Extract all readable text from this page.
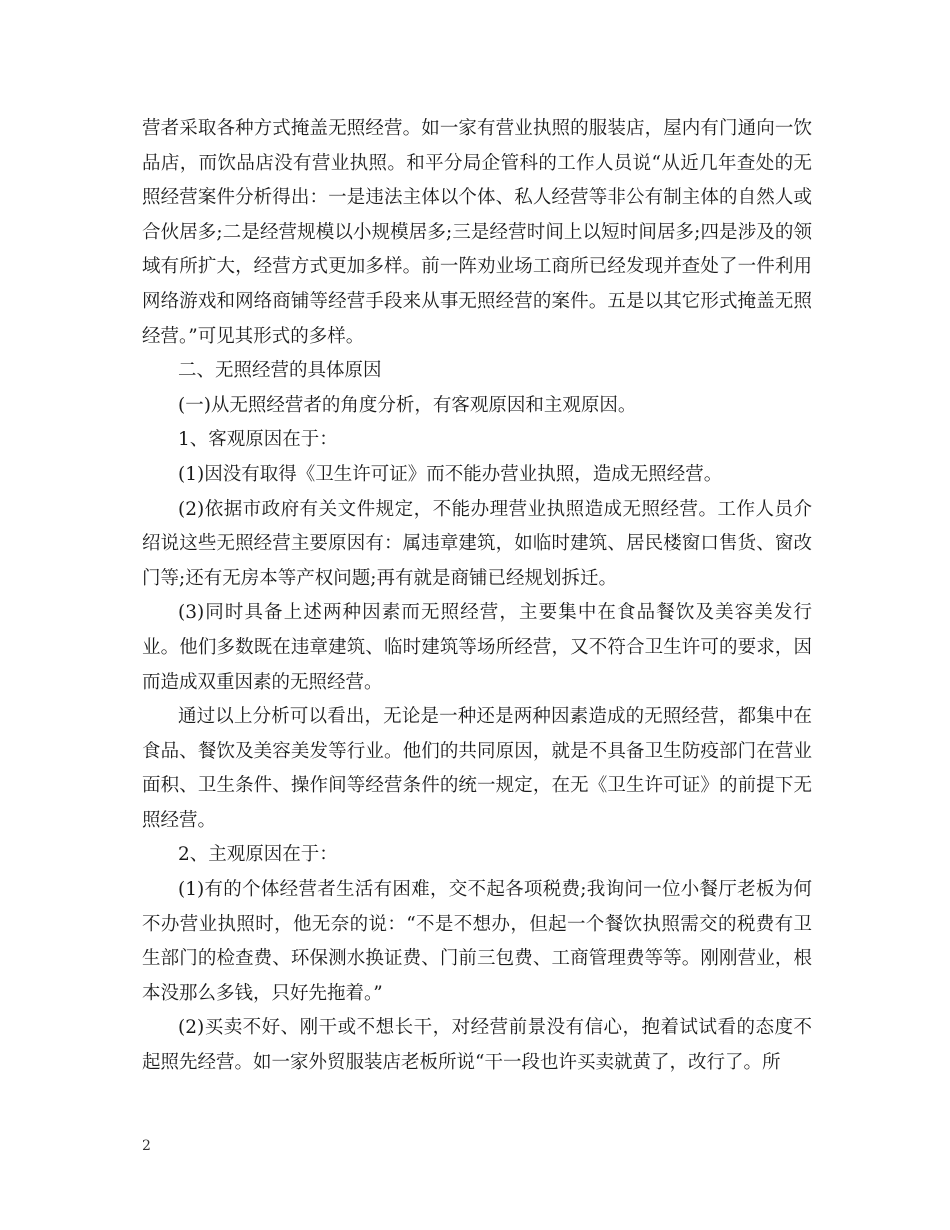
营者采取各种方式掩盖无照经营。如一家有营业执照的服装店，屋内有门通向一饮品店，而饮品店没有营业执照。和平分局企管科的工作人员说“从近几年查处的无照经营案件分析得出：一是违法主体以个体、私人经营等非公有制主体的自然人或合伙居多;二是经营规模以小规模居多;三是经营时间上以短时间居多;四是涉及的领域有所扩大，经营方式更加多样。前一阵劝业场工商所已经发现并查处了一件利用网络游戏和网络商铺等经营手段来从事无照经营的案件。五是以其它形式掩盖无照经营。”可见其形式的多样。

二、无照经营的具体原因

(一)从无照经营者的角度分析，有客观原因和主观原因。

1、客观原因在于：

(1)因没有取得《卫生许可证》而不能办营业执照，造成无照经营。

(2)依据市政府有关文件规定，不能办理营业执照造成无照经营。工作人员介绍说这些无照经营主要原因有：属违章建筑，如临时建筑、居民楼窗口售货、窗改门等;还有无房本等产权问题;再有就是商铺已经规划拆迁。

(3)同时具备上述两种因素而无照经营，主要集中在食品餐饮及美容美发行业。他们多数既在违章建筑、临时建筑等场所经营，又不符合卫生许可的要求，因而造成双重因素的无照经营。

通过以上分析可以看出，无论是一种还是两种因素造成的无照经营，都集中在食品、餐饮及美容美发等行业。他们的共同原因，就是不具备卫生防疫部门在营业面积、卫生条件、操作间等经营条件的统一规定，在无《卫生许可证》的前提下无照经营。

2、主观原因在于：

(1)有的个体经营者生活有困难，交不起各项税费;我询问一位小餐厅老板为何不办营业执照时，他无奈的说：“不是不想办，但起一个餐饮执照需交的税费有卫生部门的检查费、环保测水换证费、门前三包费、工商管理费等等。刚刚营业，根本没那么多钱，只好先拖着。”

(2)买卖不好、刚干或不想长干，对经营前景没有信心，抱着试试看的态度不起照先经营。如一家外贸服装店老板所说“干一段也许买卖就黄了，改行了。所

2
